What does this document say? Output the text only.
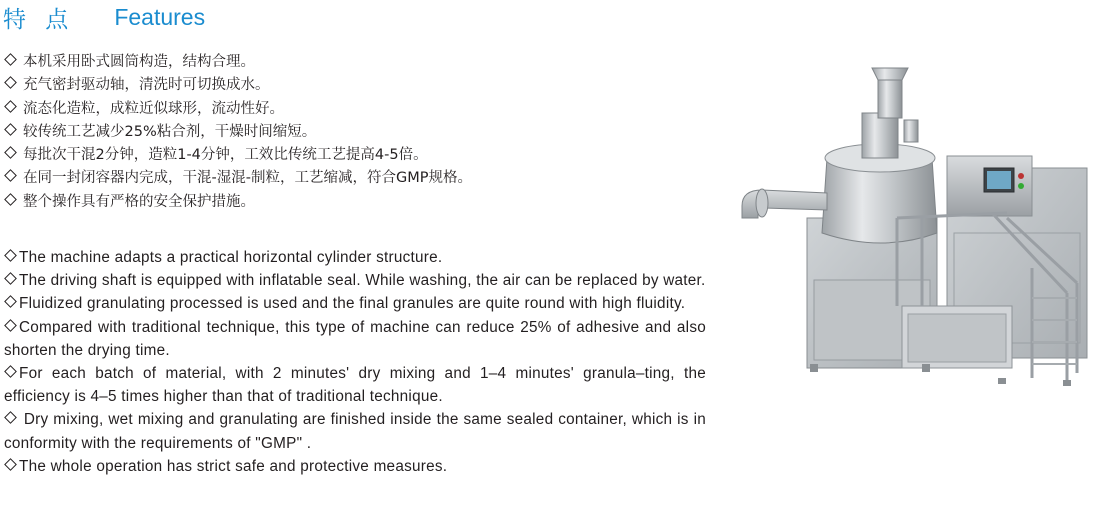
特 点 Features
本机采用卧式圆筒构造，结构合理。
充气密封驱动轴，清洗时可切换成水。
流态化造粒，成粒近似球形，流动性好。
较传统工艺减少25%粘合剂，干燥时间缩短。
每批次干混2分钟，造粒1-4分钟，工效比传统工艺提高4-5倍。
在同一封闭容器内完成，干混-湿混-制粒，工艺缩减，符合GMP规格。
整个操作具有严格的安全保护措施。
The machine adapts a practical horizontal cylinder structure.
The driving shaft is equipped with inflatable seal. While washing, the air can be replaced by water.
Fluidized granulating processed is used and the final granules are quite round with high fluidity.
Compared with traditional technique, this type of machine can reduce 25% of adhesive and also shorten the drying time.
For each batch of material, with 2 minutes' dry mixing and 1–4 minutes' granula–ting, the efficiency is 4–5 times higher than that of traditional technique.
Dry mixing, wet mixing and granulating are finished inside the same sealed container, which is in conformity with the requirements of "GMP" .
The whole operation has strict safe and protective measures.
